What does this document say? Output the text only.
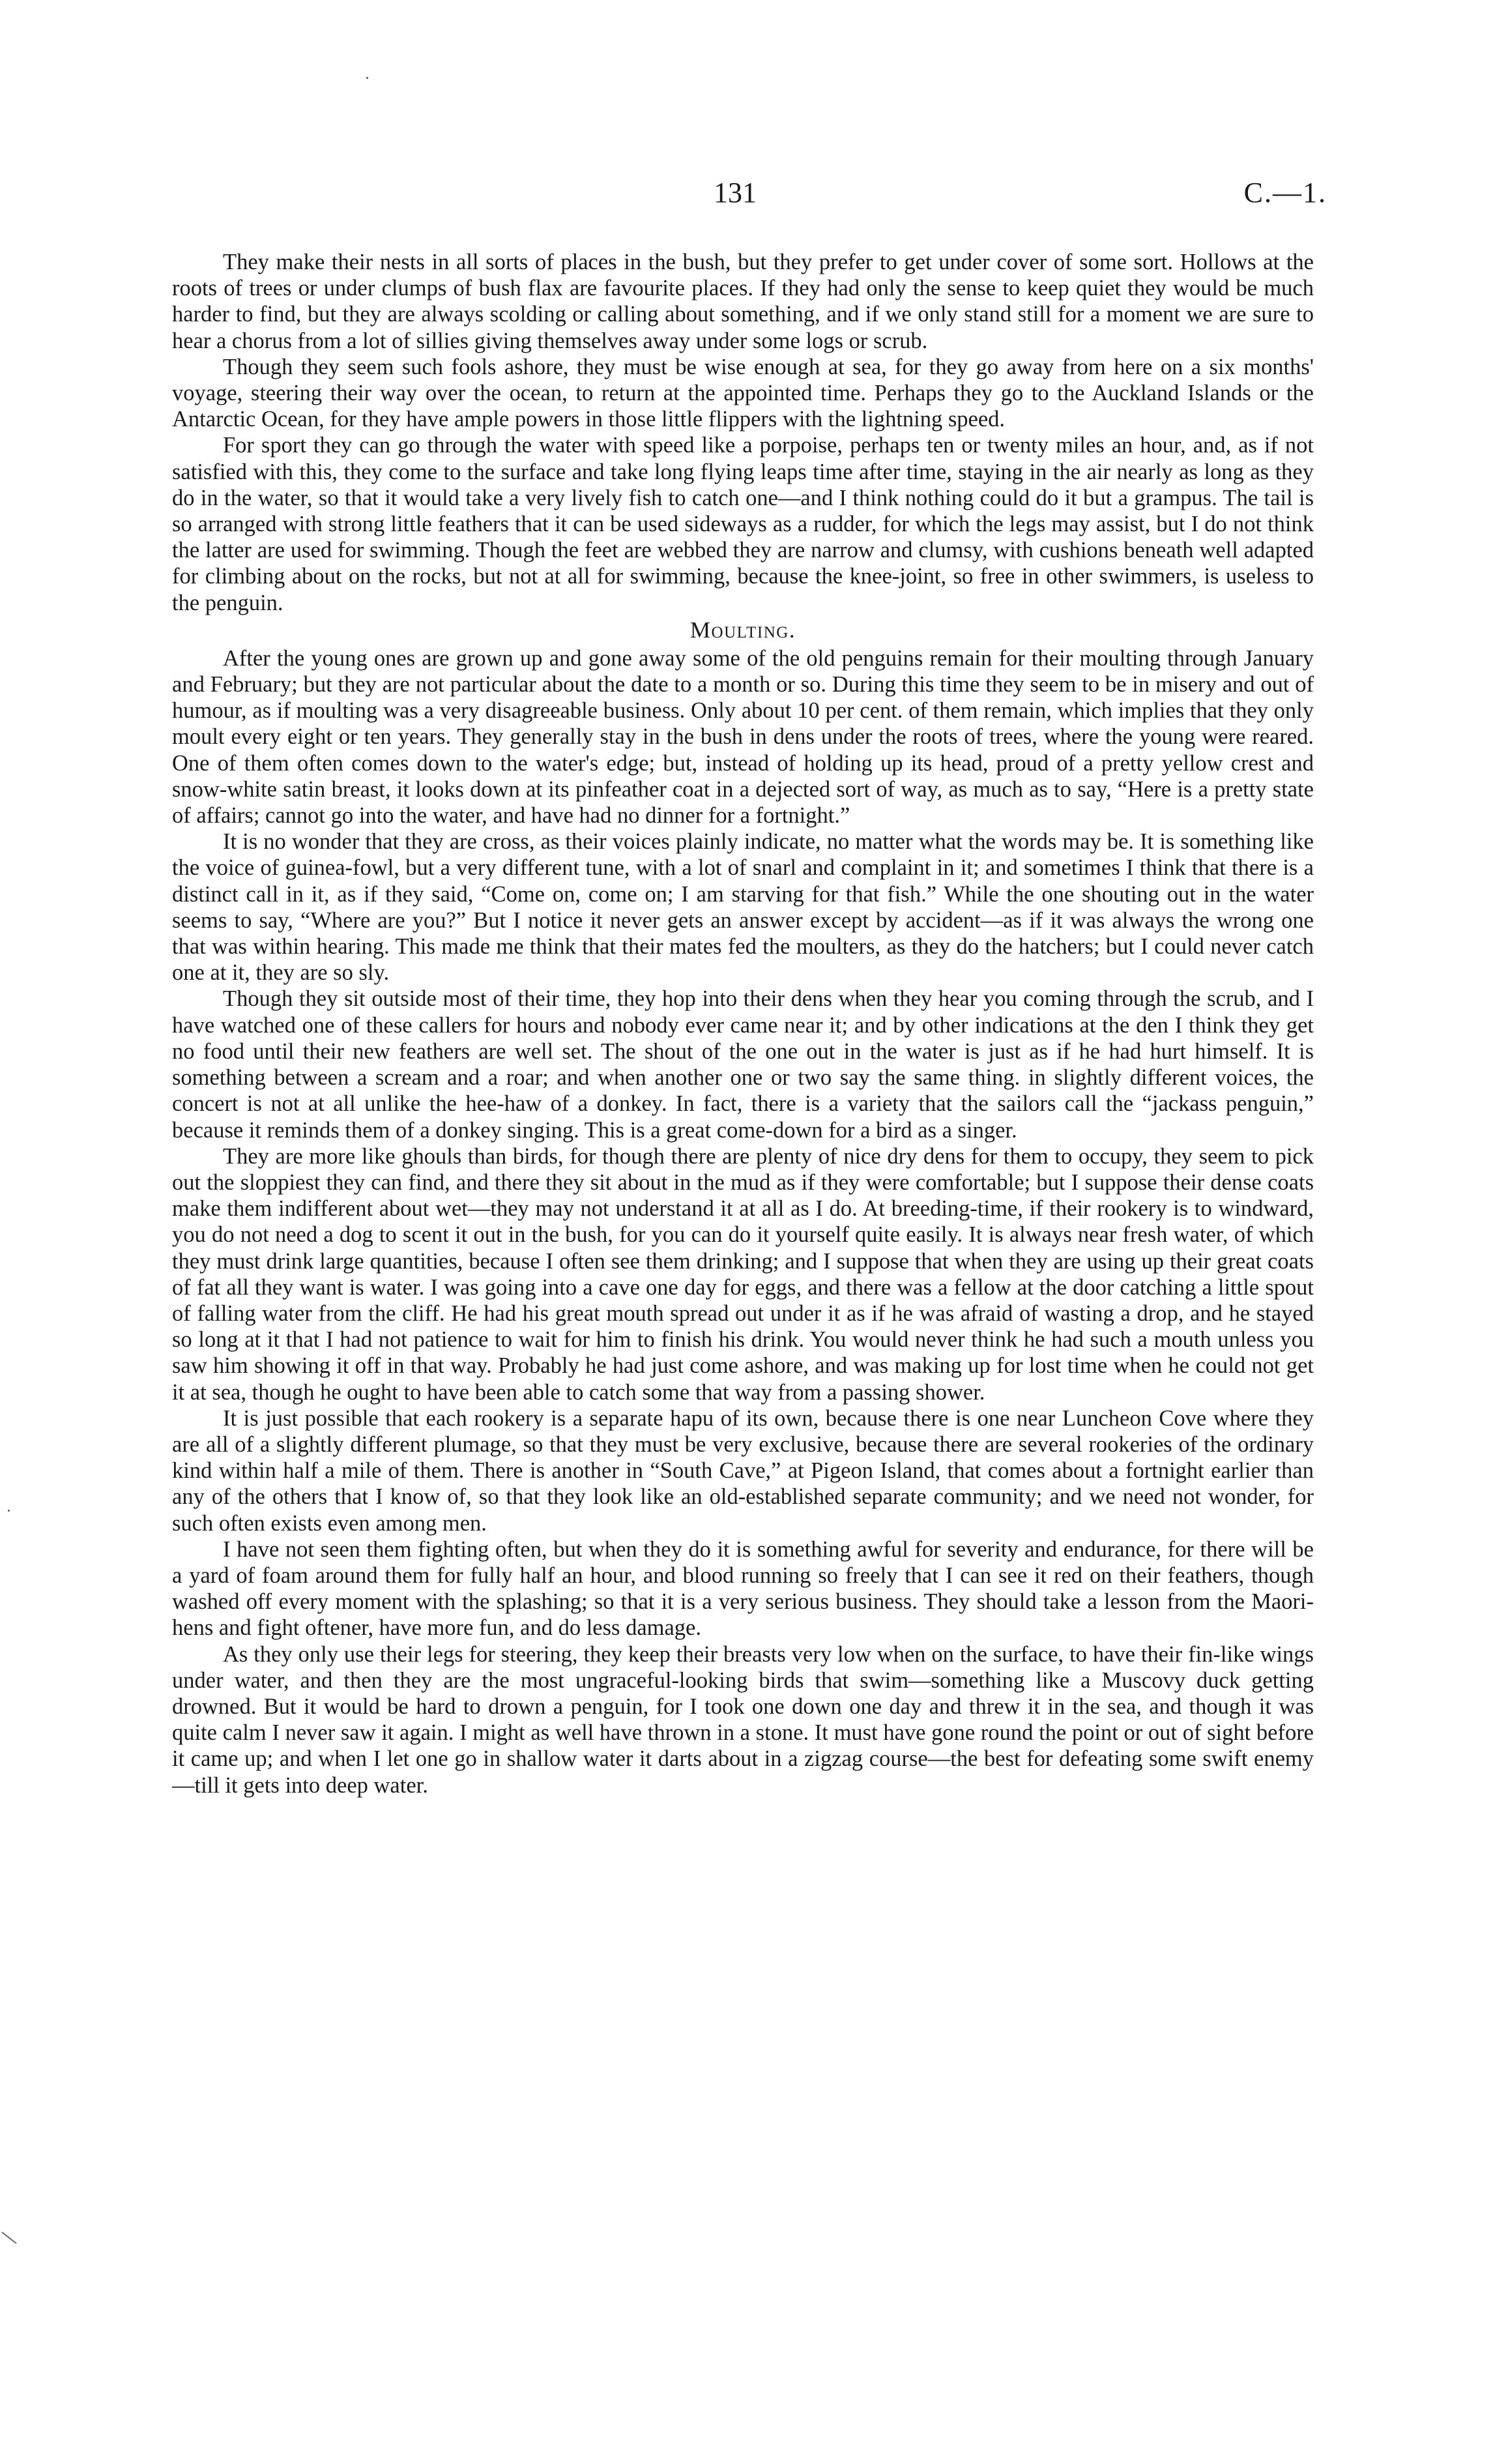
131	C.—1.

They make their nests in all sorts of places in the bush, but they prefer to get under cover of some sort. Hollows at the roots of trees or under clumps of bush flax are favourite places. If they had only the sense to keep quiet they would be much harder to find, but they are always scolding or calling about something, and if we only stand still for a moment we are sure to hear a chorus from a lot of sillies giving themselves away under some logs or scrub.

Though they seem such fools ashore, they must be wise enough at sea, for they go away from here on a six months' voyage, steering their way over the ocean, to return at the appointed time. Perhaps they go to the Auckland Islands or the Antarctic Ocean, for they have ample powers in those little flippers with the lightning speed.

For sport they can go through the water with speed like a porpoise, perhaps ten or twenty miles an hour, and, as if not satisfied with this, they come to the surface and take long flying leaps time after time, staying in the air nearly as long as they do in the water, so that it would take a very lively fish to catch one—and I think nothing could do it but a grampus. The tail is so arranged with strong little feathers that it can be used sideways as a rudder, for which the legs may assist, but I do not think the latter are used for swimming. Though the feet are webbed they are narrow and clumsy, with cushions beneath well adapted for climbing about on the rocks, but not at all for swimming, because the knee-joint, so free in other swimmers, is useless to the penguin.

Moulting.

After the young ones are grown up and gone away some of the old penguins remain for their moulting through January and February; but they are not particular about the date to a month or so. During this time they seem to be in misery and out of humour, as if moulting was a very disagreeable business. Only about 10 per cent. of them remain, which implies that they only moult every eight or ten years. They generally stay in the bush in dens under the roots of trees, where the young were reared. One of them often comes down to the water's edge; but, instead of holding up its head, proud of a pretty yellow crest and snow-white satin breast, it looks down at its pinfeather coat in a dejected sort of way, as much as to say, “Here is a pretty state of affairs; cannot go into the water, and have had no dinner for a fortnight.”

It is no wonder that they are cross, as their voices plainly indicate, no matter what the words may be. It is something like the voice of guinea-fowl, but a very different tune, with a lot of snarl and complaint in it; and sometimes I think that there is a distinct call in it, as if they said, “Come on, come on; I am starving for that fish.” While the one shouting out in the water seems to say, “Where are you?” But I notice it never gets an answer except by accident—as if it was always the wrong one that was within hearing. This made me think that their mates fed the moulters, as they do the hatchers; but I could never catch one at it, they are so sly.

Though they sit outside most of their time, they hop into their dens when they hear you coming through the scrub, and I have watched one of these callers for hours and nobody ever came near it; and by other indications at the den I think they get no food until their new feathers are well set. The shout of the one out in the water is just as if he had hurt himself. It is something between a scream and a roar; and when another one or two say the same thing. in slightly different voices, the concert is not at all unlike the hee-haw of a donkey. In fact, there is a variety that the sailors call the “jackass penguin,” because it reminds them of a donkey singing. This is a great come-down for a bird as a singer.

They are more like ghouls than birds, for though there are plenty of nice dry dens for them to occupy, they seem to pick out the sloppiest they can find, and there they sit about in the mud as if they were comfortable; but I suppose their dense coats make them indifferent about wet—they may not understand it at all as I do. At breeding-time, if their rookery is to windward, you do not need a dog to scent it out in the bush, for you can do it yourself quite easily. It is always near fresh water, of which they must drink large quantities, because I often see them drinking; and I suppose that when they are using up their great coats of fat all they want is water. I was going into a cave one day for eggs, and there was a fellow at the door catching a little spout of falling water from the cliff. He had his great mouth spread out under it as if he was afraid of wasting a drop, and he stayed so long at it that I had not patience to wait for him to finish his drink. You would never think he had such a mouth unless you saw him showing it off in that way. Probably he had just come ashore, and was making up for lost time when he could not get it at sea, though he ought to have been able to catch some that way from a passing shower.

It is just possible that each rookery is a separate hapu of its own, because there is one near Luncheon Cove where they are all of a slightly different plumage, so that they must be very exclusive, because there are several rookeries of the ordinary kind within half a mile of them. There is another in “South Cave,” at Pigeon Island, that comes about a fortnight earlier than any of the others that I know of, so that they look like an old-established separate community; and we need not wonder, for such often exists even among men.

I have not seen them fighting often, but when they do it is something awful for severity and endurance, for there will be a yard of foam around them for fully half an hour, and blood running so freely that I can see it red on their feathers, though washed off every moment with the splashing; so that it is a very serious business. They should take a lesson from the Maori-hens and fight oftener, have more fun, and do less damage.

As they only use their legs for steering, they keep their breasts very low when on the surface, to have their fin-like wings under water, and then they are the most ungraceful-looking birds that swim—something like a Muscovy duck getting drowned. But it would be hard to drown a penguin, for I took one down one day and threw it in the sea, and though it was quite calm I never saw it again. I might as well have thrown in a stone. It must have gone round the point or out of sight before it came up; and when I let one go in shallow water it darts about in a zigzag course—the best for defeating some swift enemy—till it gets into deep water.
